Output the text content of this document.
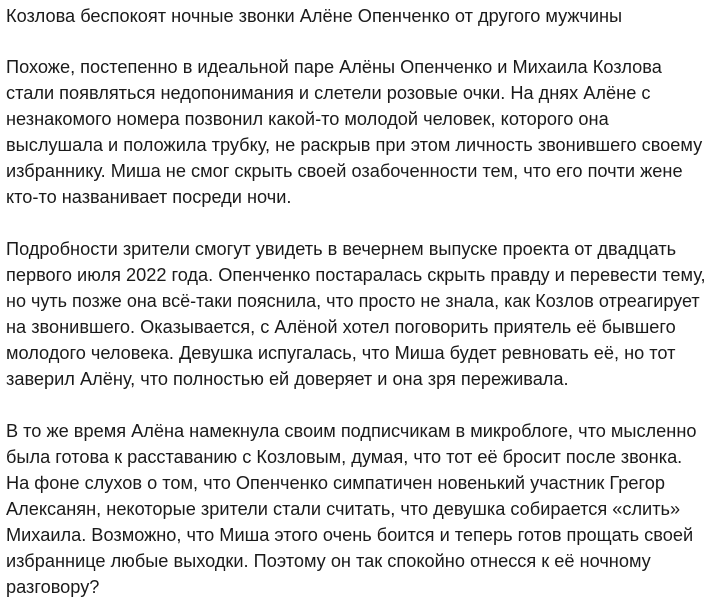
Козлова беспокоят ночные звонки Алёне Опенченко от другого мужчины

Похоже, постепенно в идеальной паре Алёны Опенченко и Михаила Козлова
стали появляться недопонимания и слетели розовые очки. На днях Алёне с
незнакомого номера позвонил какой-то молодой человек, которого она
выслушала и положила трубку, не раскрыв при этом личность звонившего своему
избраннику. Миша не смог скрыть своей озабоченности тем, что его почти жене
кто-то названивает посреди ночи.

Подробности зрители смогут увидеть в вечернем выпуске проекта от двадцать
первого июля 2022 года. Опенченко постаралась скрыть правду и перевести тему,
но чуть позже она всё-таки пояснила, что просто не знала, как Козлов отреагирует
на звонившего. Оказывается, с Алёной хотел поговорить приятель её бывшего
молодого человека. Девушка испугалась, что Миша будет ревновать её, но тот
заверил Алёну, что полностью ей доверяет и она зря переживала.

В то же время Алёна намекнула своим подписчикам в микроблоге, что мысленно
была готова к расставанию с Козловым, думая, что тот её бросит после звонка.
На фоне слухов о том, что Опенченко симпатичен новенький участник Грегор
Алексанян, некоторые зрители стали считать, что девушка собирается «слить»
Михаила. Возможно, что Миша этого очень боится и теперь готов прощать своей
избраннице любые выходки. Поэтому он так спокойно отнесся к её ночному
разговору?
